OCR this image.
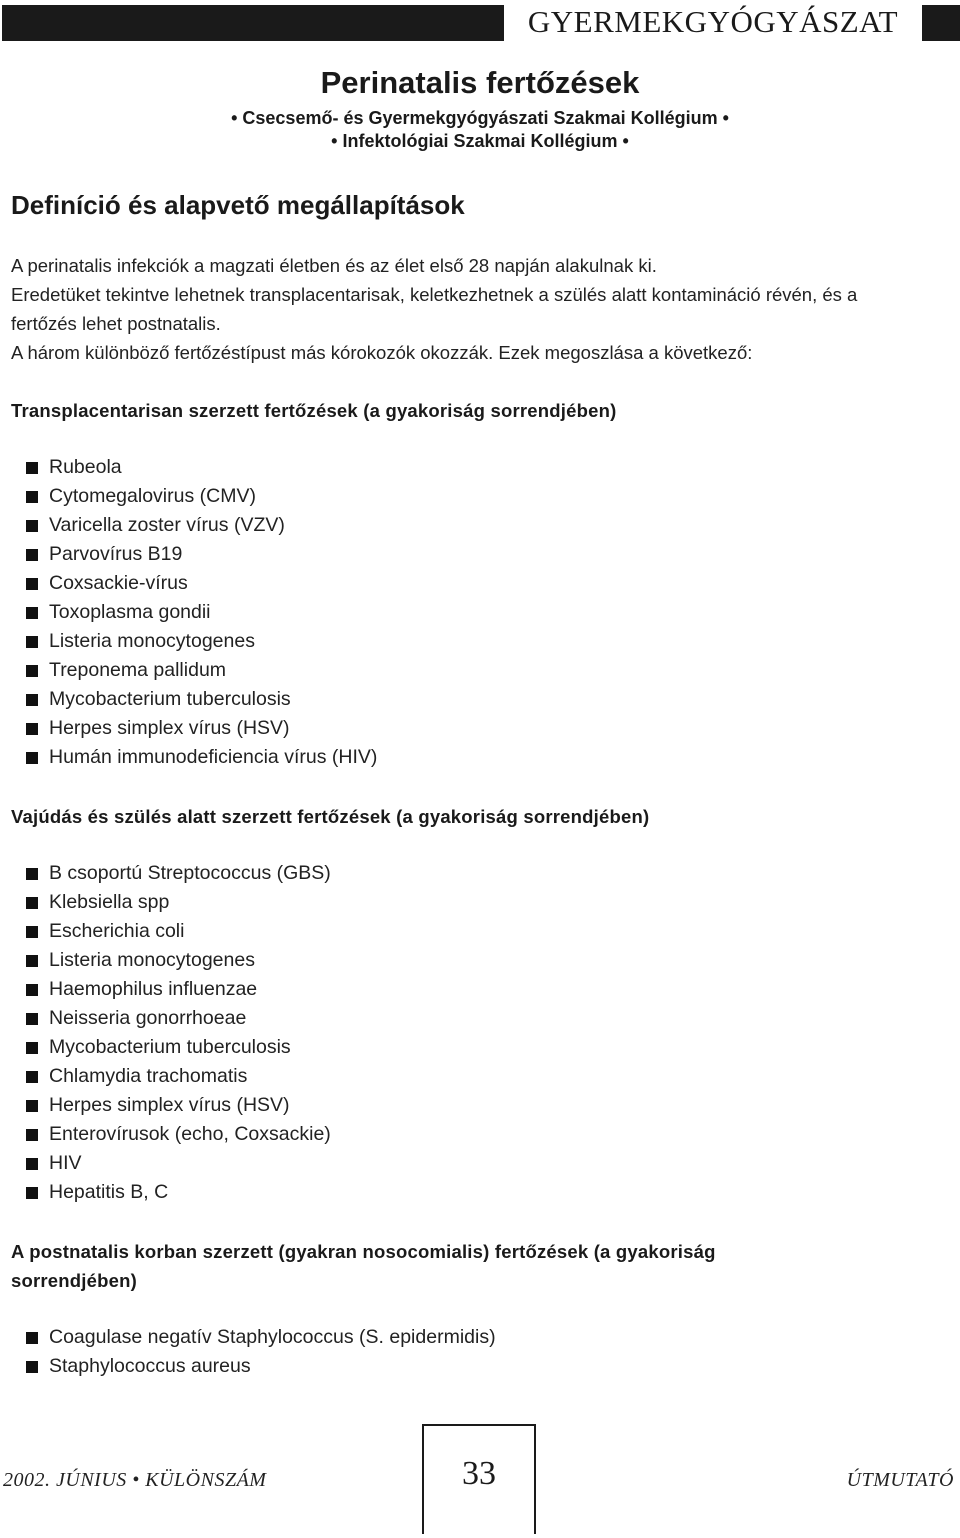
GYERMEKGYÓGYÁSZAT
Perinatalis fertőzések
• Csecsemő- és Gyermekgyógyászati Szakmai Kollégium •
• Infektológiai Szakmai Kollégium •
Definíció és alapvető megállapítások
A perinatalis infekciók a magzati életben és az élet első 28 napján alakulnak ki.
Eredetüket tekintve lehetnek transplacentarisak, keletkezhetnek a szülés alatt kontamináció révén, és a
fertőzés lehet postnatalis.
A három különböző fertőzéstípust más kórokozók okozzák. Ezek megoszlása a következő:
Transplacentarisan szerzett fertőzések (a gyakoriság sorrendjében)
Rubeola
Cytomegalovirus (CMV)
Varicella zoster vírus (VZV)
Parvovírus B19
Coxsackie-vírus
Toxoplasma gondii
Listeria monocytogenes
Treponema pallidum
Mycobacterium tuberculosis
Herpes simplex vírus (HSV)
Humán immunodeficiencia vírus (HIV)
Vajúdás és szülés alatt szerzett fertőzések (a gyakoriság sorrendjében)
B csoportú Streptococcus (GBS)
Klebsiella spp
Escherichia coli
Listeria monocytogenes
Haemophilus influenzae
Neisseria gonorrhoeae
Mycobacterium tuberculosis
Chlamydia trachomatis
Herpes simplex vírus (HSV)
Enterovírusok (echo, Coxsackie)
HIV
Hepatitis B, C
A postnatalis korban szerzett (gyakran nosocomialis) fertőzések (a gyakoriság
sorrendjében)
Coagulase negatív Staphylococcus (S. epidermidis)
Staphylococcus aureus
2002. JÚNIUS • KÜLÖNSZÁM	33	ÚTMUTATÓ
